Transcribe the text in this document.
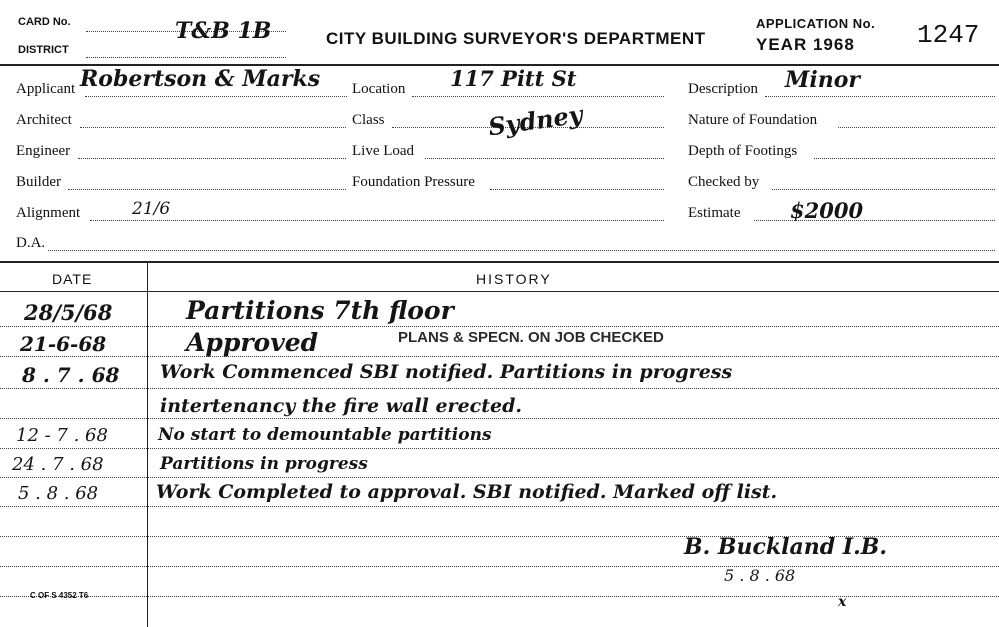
CARD No.	T&B 1B
DISTRICT
CITY BUILDING SURVEYOR'S DEPARTMENT
APPLICATION No.
YEAR 1968 1247
Applicant Robertson & Marks Location 117 Pitt St	Description Minor
Architect	Class	Sydney	Nature of Foundation
Engineer	Live Load	Depth of Footings
Builder	Foundation Pressure	Checked by
Alignment	21/6	Estimate $2000
D.A.
DATE	HISTORY
28/5/68	Partitions 7th floor
21-6-68	Approved	PLANS & SPECN. ON JOB CHECKED
8 . 7 . 68 Work Commenced SBI notified. Partitions in progress
intertenancy the fire wall erected.
12 - 7 . 68	No start to demountable partitions
24 . 7 . 68	Partitions in progress
5 . 8 . 68	Work Completed to approval. SBI notified. Marked off list.
B. Buckland I.B.
5 . 8 . 68
C OF S 4352 T6	x
